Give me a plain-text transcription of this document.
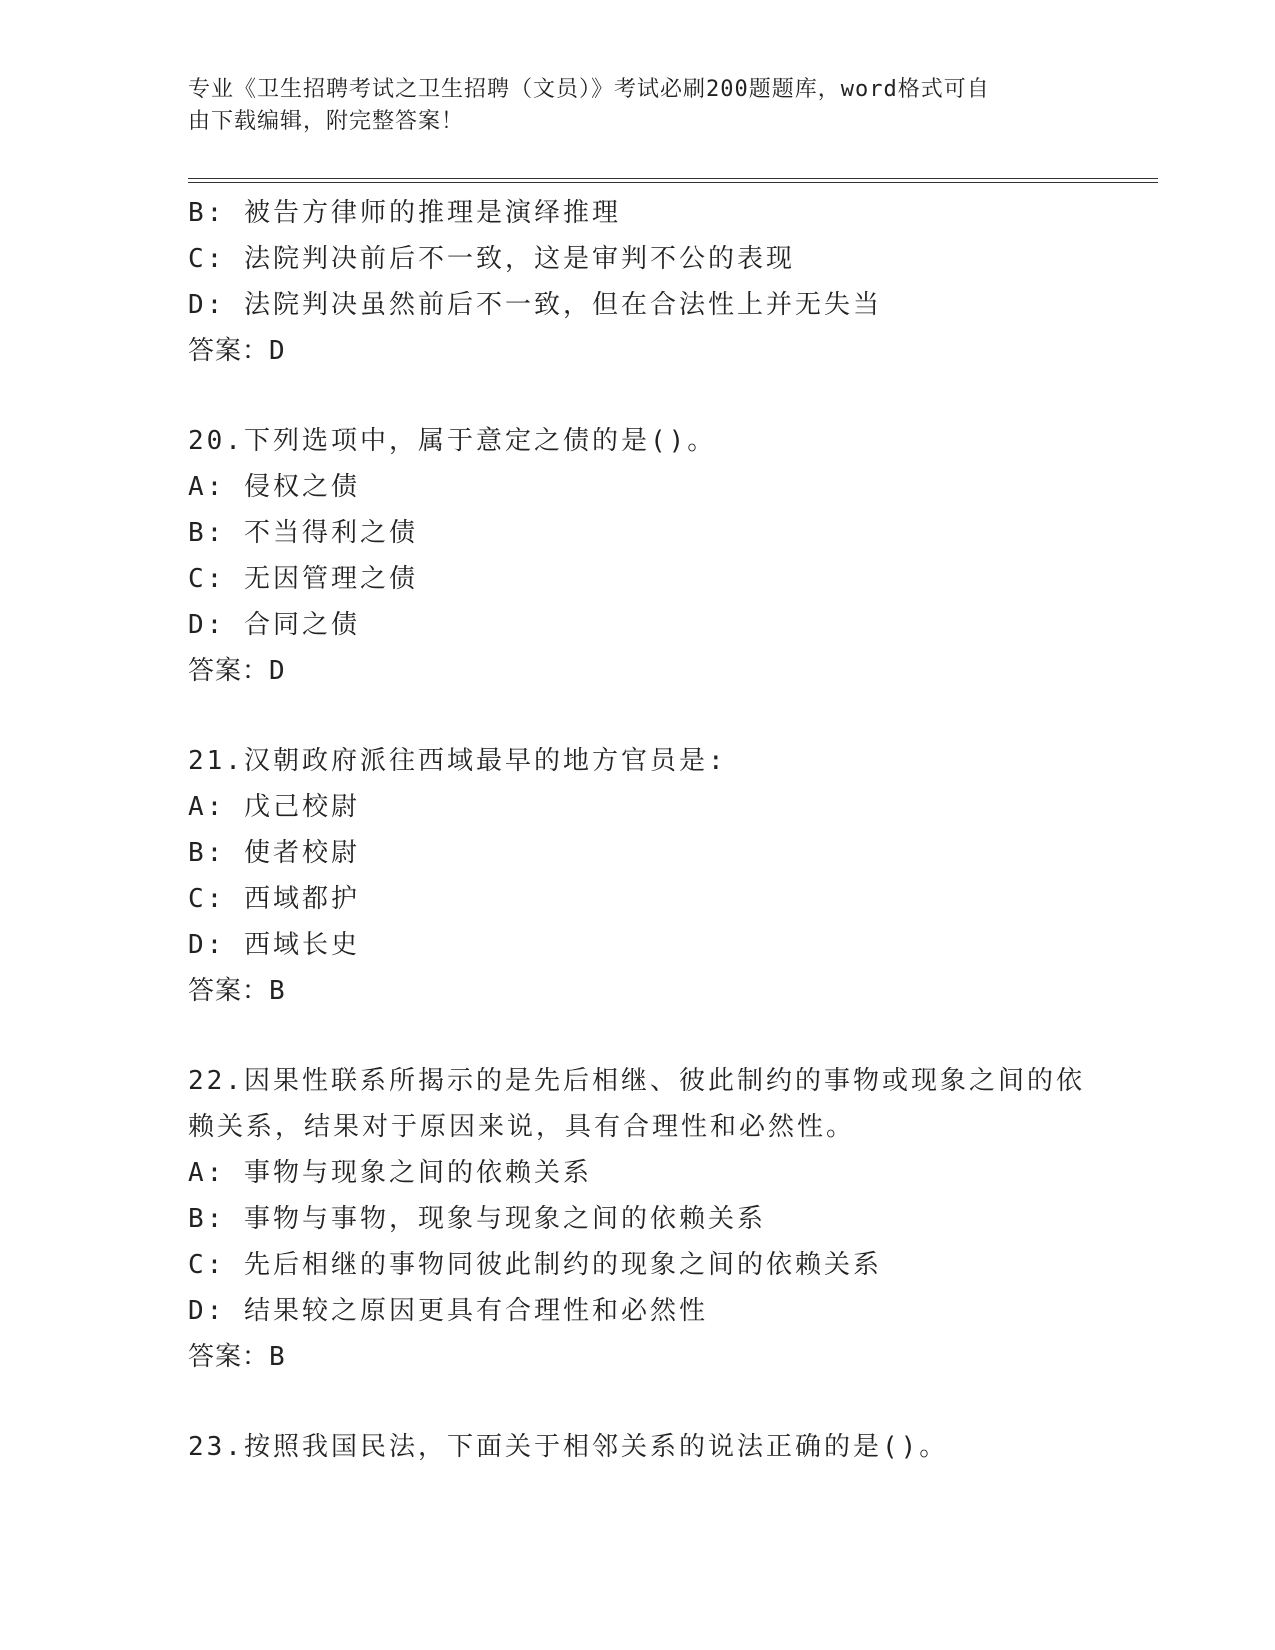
专业《卫生招聘考试之卫生招聘（文员）》考试必刷200题题库，word格式可自
由下载编辑，附完整答案！
B: 被告方律师的推理是演绎推理
C: 法院判决前后不一致，这是审判不公的表现
D: 法院判决虽然前后不一致，但在合法性上并无失当
答案：D
20.下列选项中，属于意定之债的是()。
A: 侵权之债
B: 不当得利之债
C: 无因管理之债
D: 合同之债
答案：D
21.汉朝政府派往西域最早的地方官员是:
A: 戊己校尉
B: 使者校尉
C: 西域都护
D: 西域长史
答案：B
22.因果性联系所揭示的是先后相继、彼此制约的事物或现象之间的依
赖关系，结果对于原因来说，具有合理性和必然性。
A: 事物与现象之间的依赖关系
B: 事物与事物，现象与现象之间的依赖关系
C: 先后相继的事物同彼此制约的现象之间的依赖关系
D: 结果较之原因更具有合理性和必然性
答案：B
23.按照我国民法，下面关于相邻关系的说法正确的是()。
